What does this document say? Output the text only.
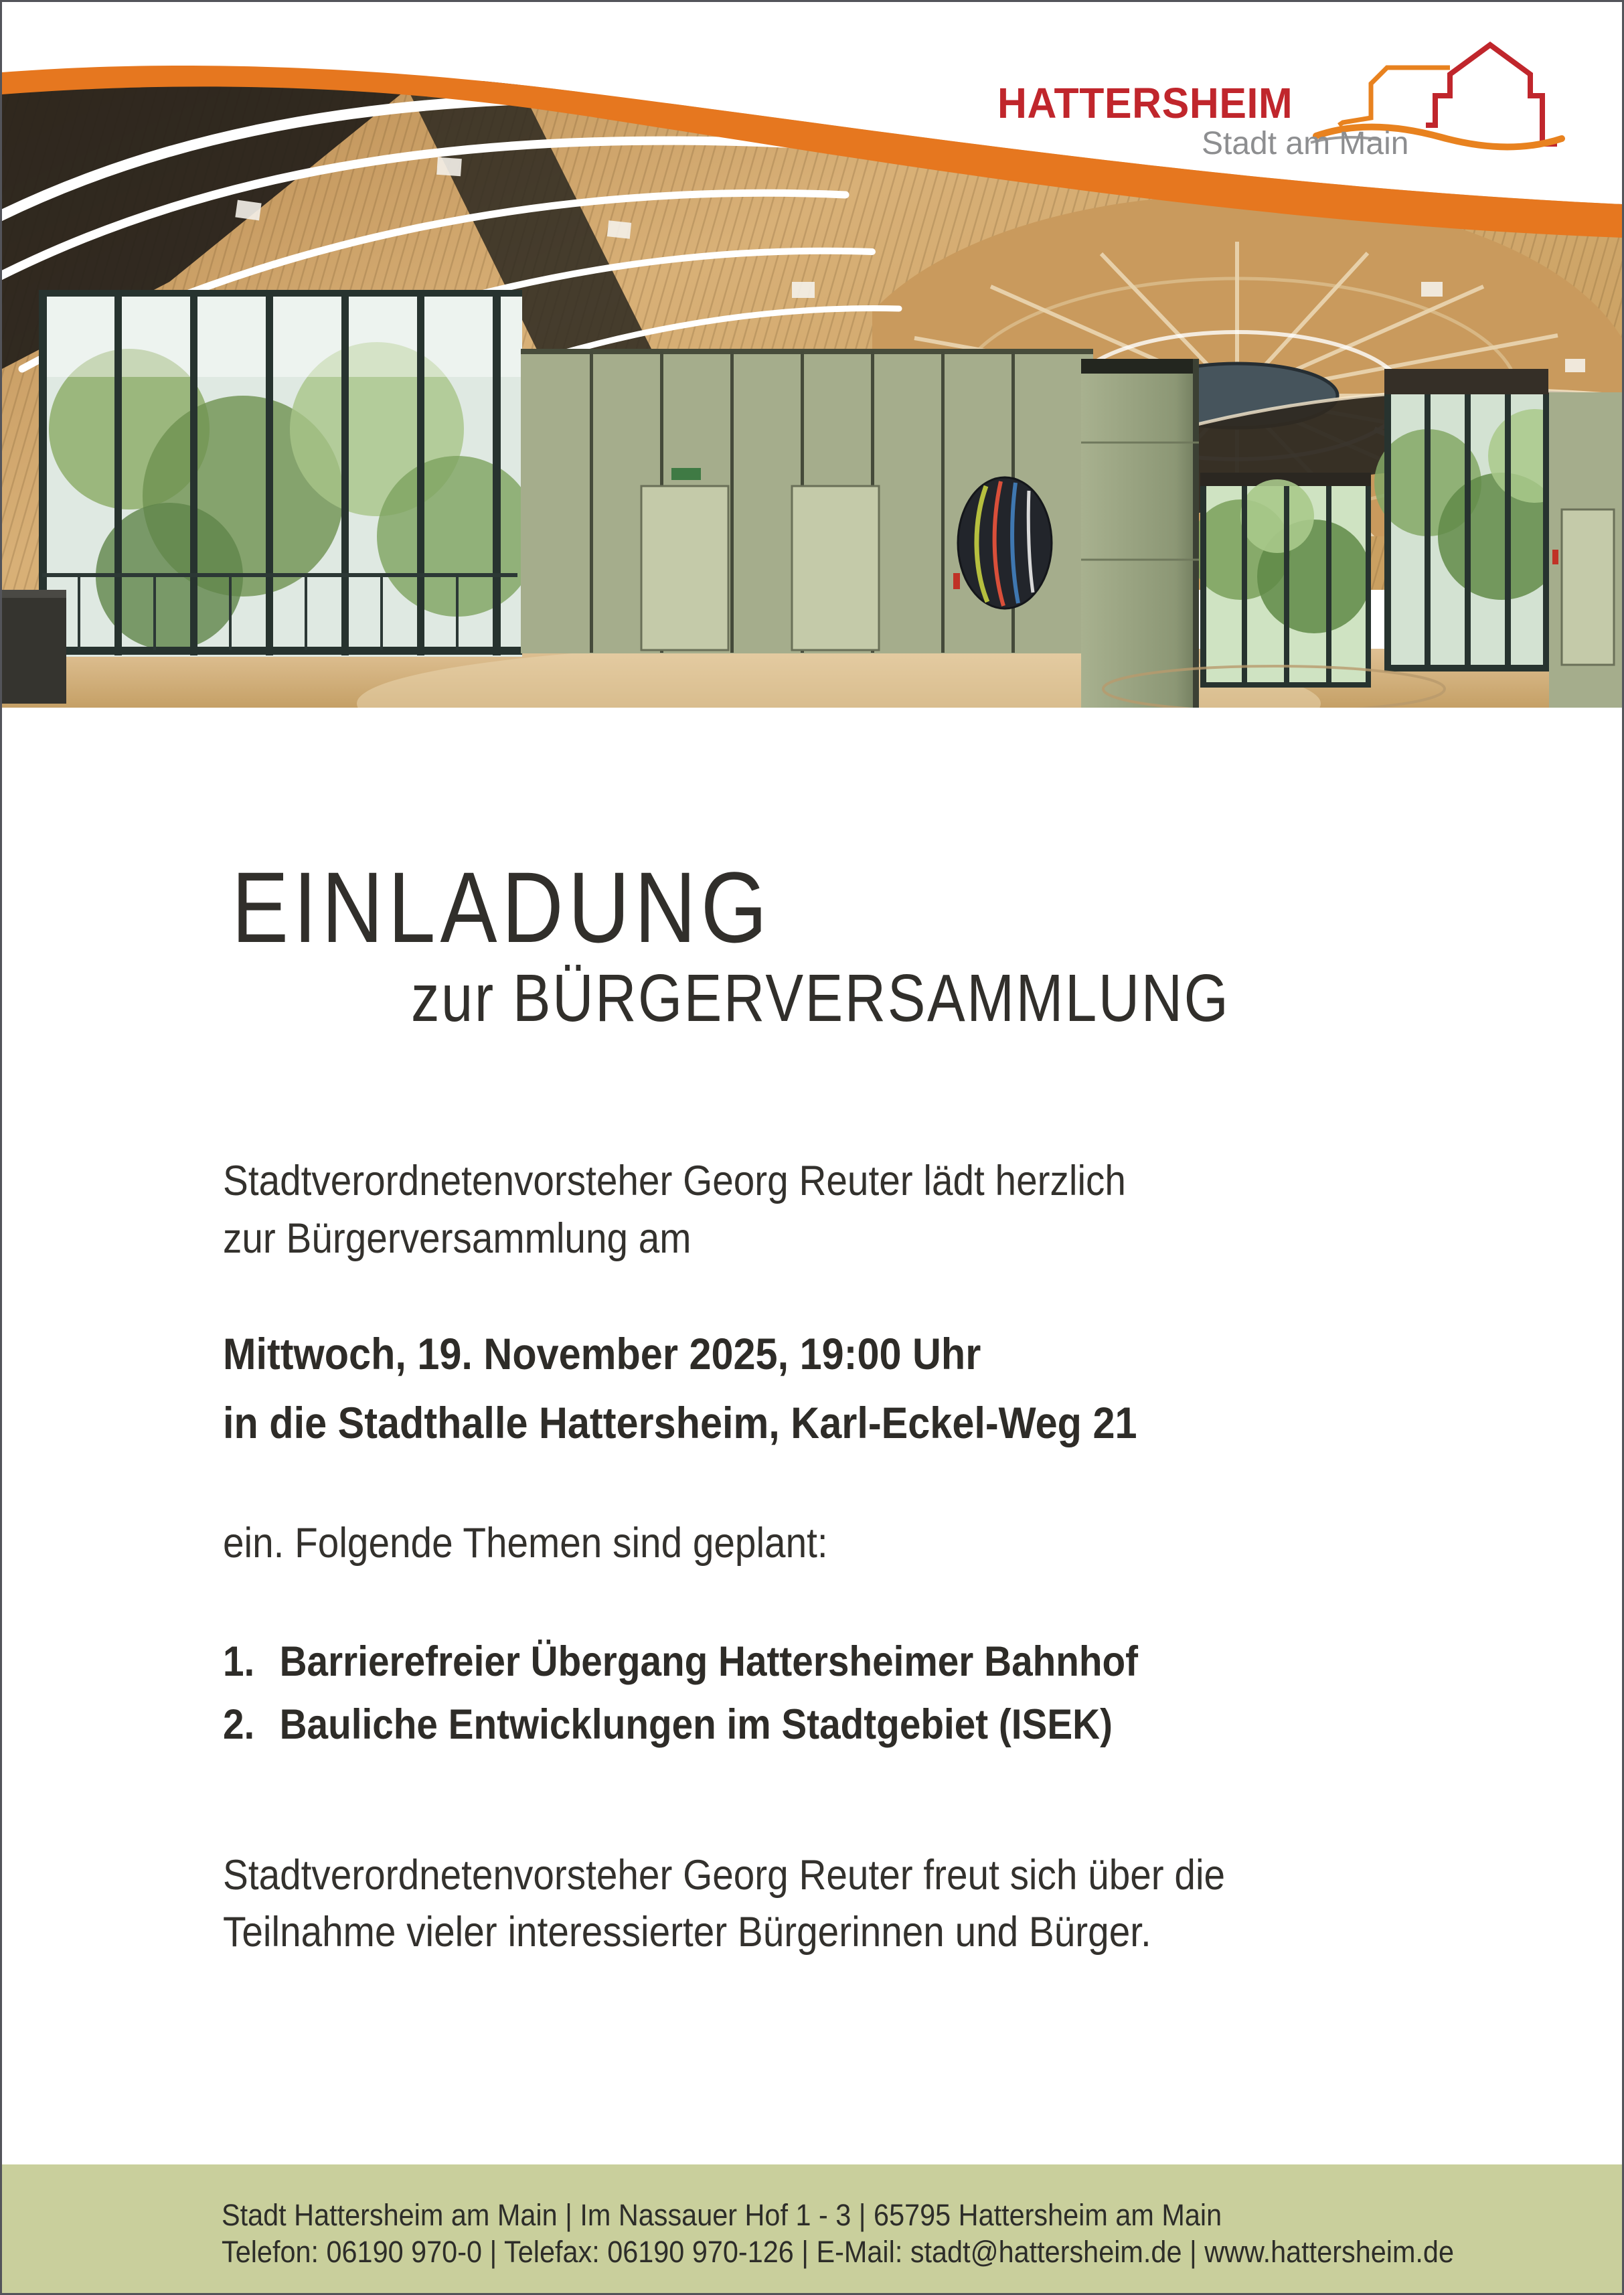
HATTERSHEIM
Stadt am Main
EINLADUNG
zur BÜRGERVERSAMMLUNG
Stadtverordnetenvorsteher Georg Reuter lädt herzlich
zur Bürgerversammlung am
Mittwoch, 19. November 2025, 19:00 Uhr
in die Stadthalle Hattersheim, Karl-Eckel-Weg 21
ein. Folgende Themen sind geplant:
1. Barrierefreier Übergang Hattersheimer Bahnhof
2. Bauliche Entwicklungen im Stadtgebiet (ISEK)
Stadtverordnetenvorsteher Georg Reuter freut sich über die
Teilnahme vieler interessierter Bürgerinnen und Bürger.
Stadt Hattersheim am Main | Im Nassauer Hof 1 - 3 | 65795 Hattersheim am Main
Telefon: 06190 970-0 | Telefax: 06190 970-126 | E-Mail: stadt@hattersheim.de | www.hattersheim.de
